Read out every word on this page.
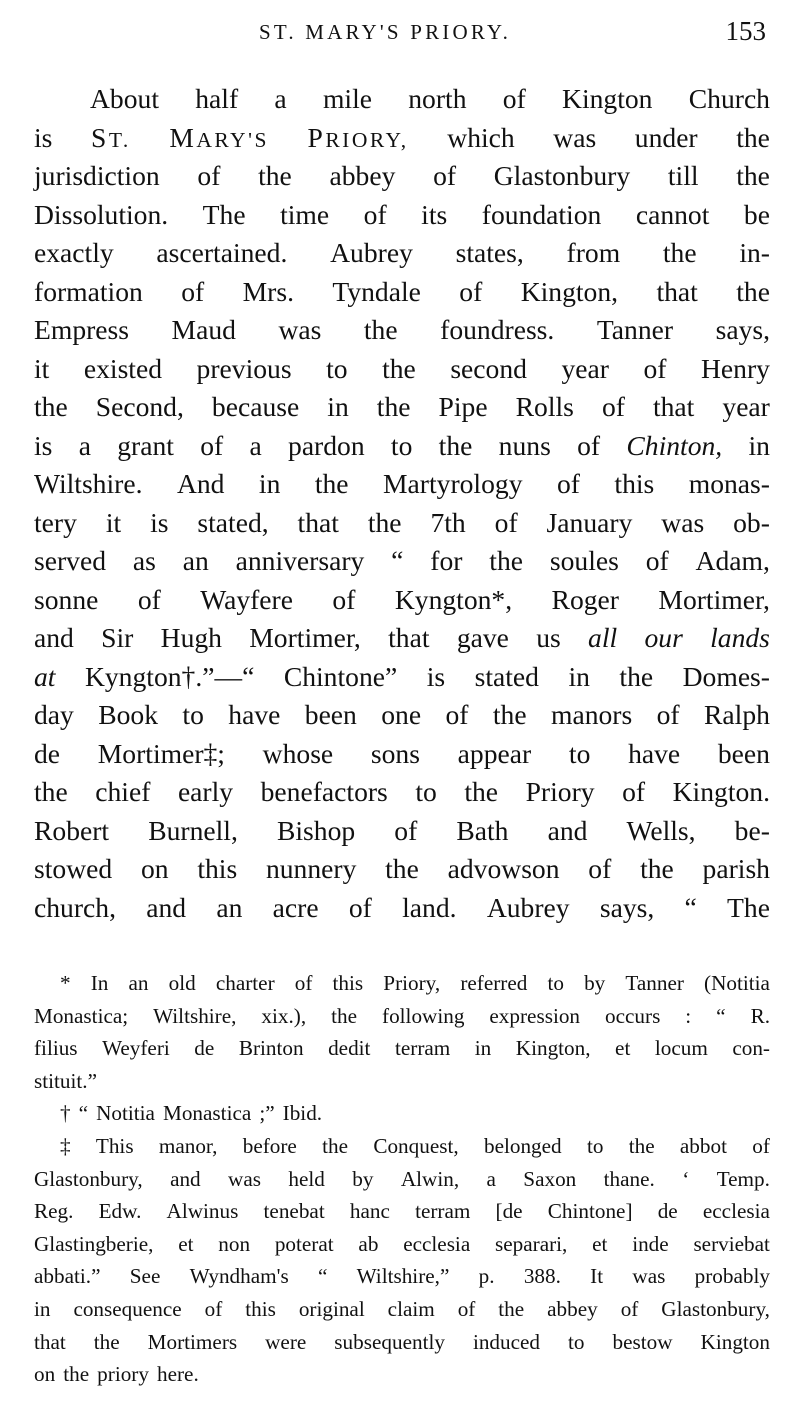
ST. MARY'S PRIORY.	153
About half a mile north of Kington Church
is ST. MARY'S PRIORY, which was under the
jurisdiction of the abbey of Glastonbury till the
Dissolution. The time of its foundation cannot be
exactly ascertained. Aubrey states, from the in-
formation of Mrs. Tyndale of Kington, that the
Empress Maud was the foundress. Tanner says,
it existed previous to the second year of Henry
the Second, because in the Pipe Rolls of that year
is a grant of a pardon to the nuns of Chinton, in
Wiltshire. And in the Martyrology of this monas-
tery it is stated, that the 7th of January was ob-
served as an anniversary “ for the soules of Adam,
sonne of Wayfere of Kyngton*, Roger Mortimer,
and Sir Hugh Mortimer, that gave us all our lands
at Kyngton†.”—“ Chintone” is stated in the Domes-
day Book to have been one of the manors of Ralph
de Mortimer‡; whose sons appear to have been
the chief early benefactors to the Priory of Kington.
Robert Burnell, Bishop of Bath and Wells, be-
stowed on this nunnery the advowson of the parish
church, and an acre of land. Aubrey says, “ The
* In an old charter of this Priory, referred to by Tanner (Notitia
Monastica; Wiltshire, xix.), the following expression occurs : “ R.
filius Weyferi de Brinton dedit terram in Kington, et locum con-
stituit.”
† “ Notitia Monastica ;” Ibid.
‡ This manor, before the Conquest, belonged to the abbot of
Glastonbury, and was held by Alwin, a Saxon thane. ‘ Temp.
Reg. Edw. Alwinus tenebat hanc terram [de Chintone] de ecclesia
Glastingberie, et non poterat ab ecclesia separari, et inde serviebat
abbati.” See Wyndham's “ Wiltshire,” p. 388. It was probably
in consequence of this original claim of the abbey of Glastonbury,
that the Mortimers were subsequently induced to bestow Kington
on the priory here.
